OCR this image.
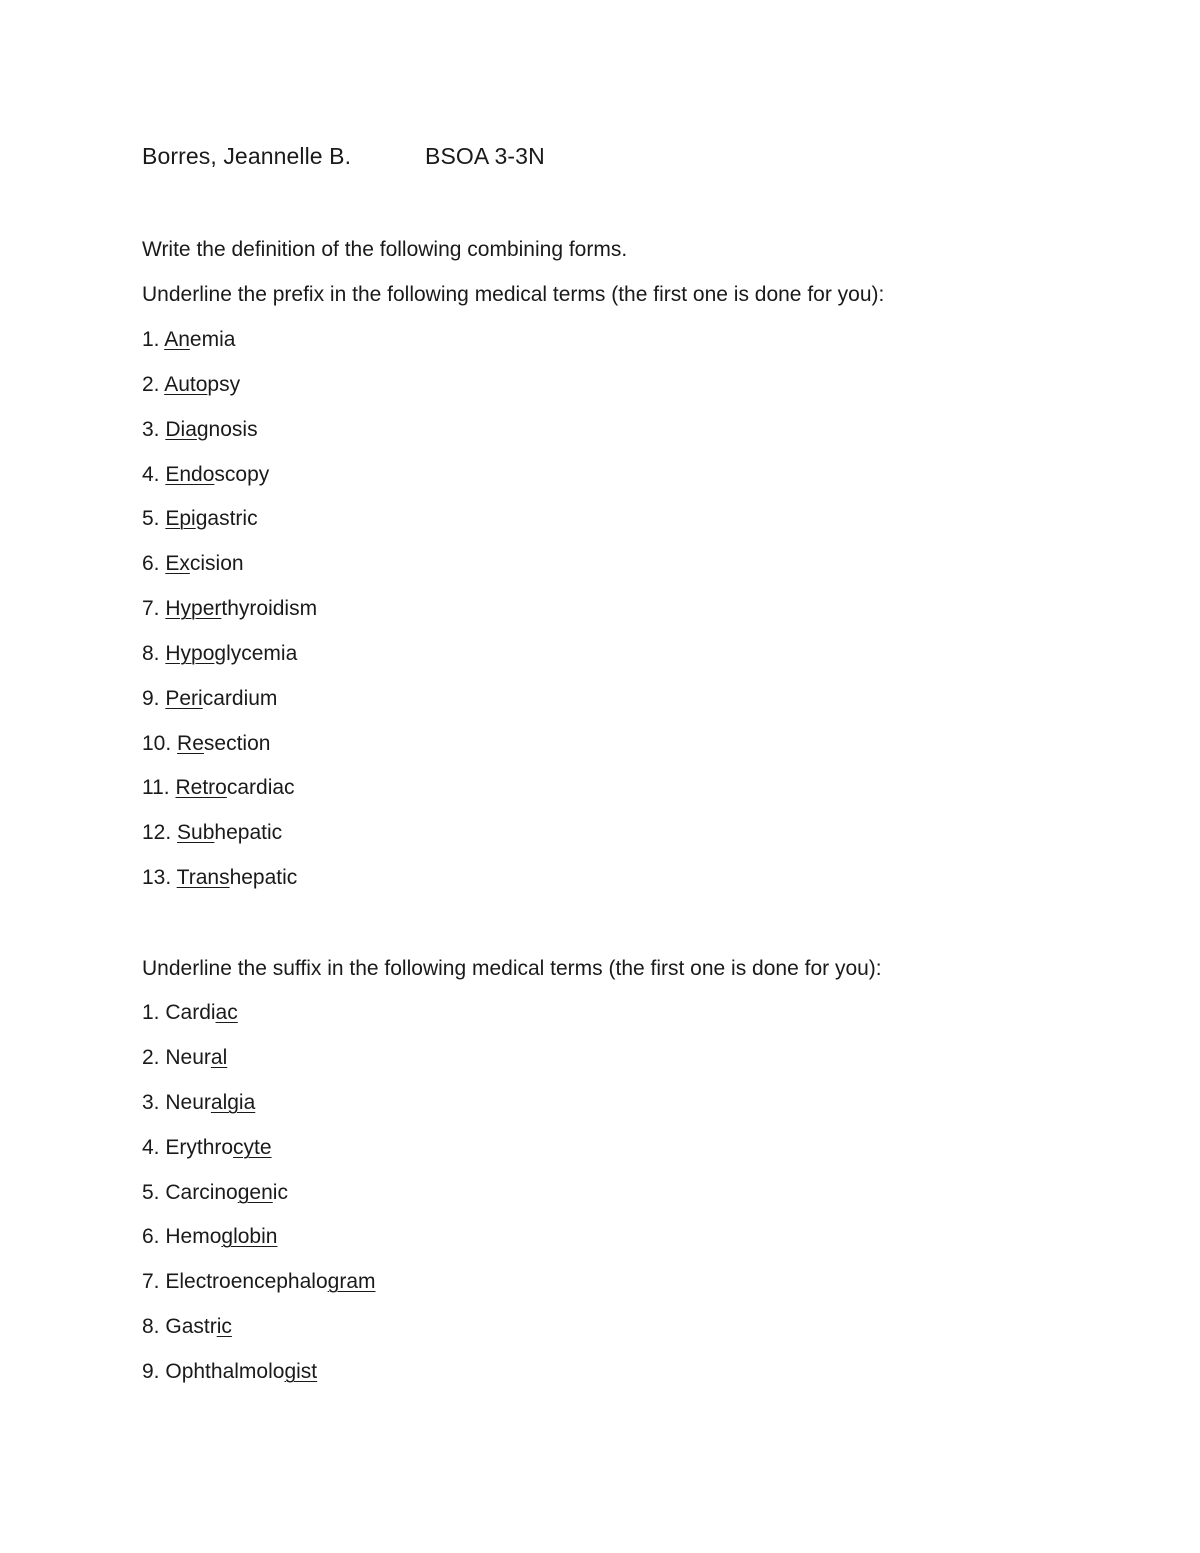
Borres, Jeannelle B.	BSOA 3-3N
Write the definition of the following combining forms.
Underline the prefix in the following medical terms (the first one is done for you):
1. Anemia
2. Autopsy
3. Diagnosis
4. Endoscopy
5. Epigastric
6. Excision
7. Hyperthyroidism
8. Hypoglycemia
9. Pericardium
10. Resection
11. Retrocardiac
12. Subhepatic
13. Transhepatic
Underline the suffix in the following medical terms (the first one is done for you):
1. Cardiac
2. Neural
3. Neuralgia
4. Erythrocyte
5. Carcinogenic
6. Hemoglobin
7. Electroencephalogram
8. Gastric
9. Ophthalmologist
